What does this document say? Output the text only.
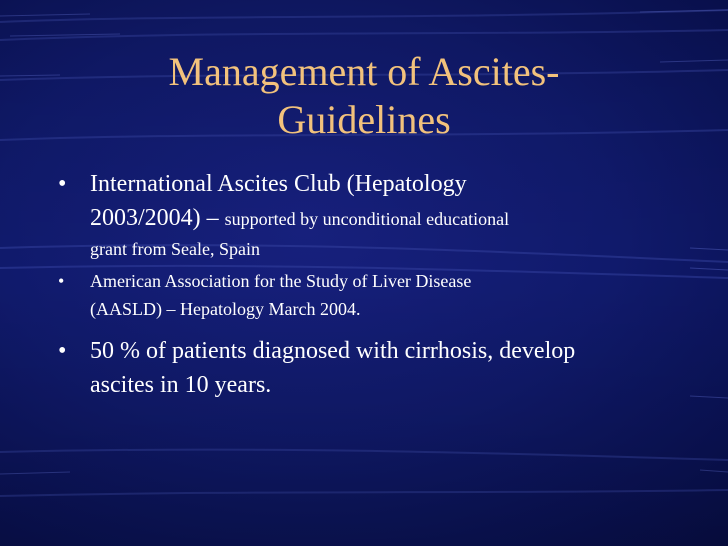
Management of Ascites-
Guidelines
• International Ascites Club (Hepatology
2003/2004) – supported by unconditional educational
grant from Seale, Spain
• American Association for the Study of Liver Disease
(AASLD) – Hepatology March 2004.
• 50 % of patients diagnosed with cirrhosis, develop
ascites in 10 years.
